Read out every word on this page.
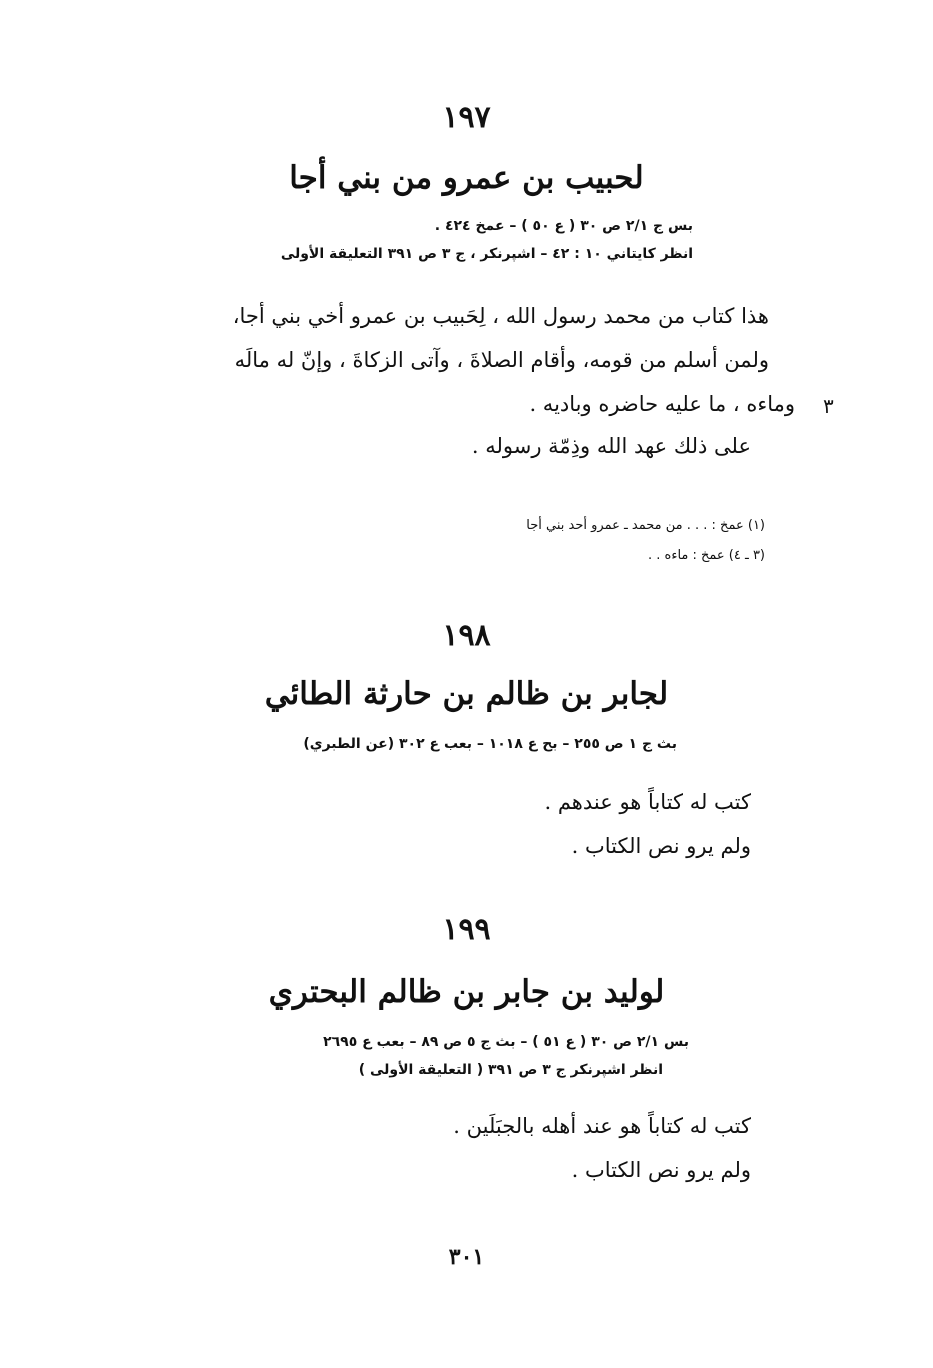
١٩٧
لحبيب بن عمرو من بني أجا
بس ج ٢/١ ص ٣٠ ( ع ٥٠ ) – عمخ ٤٢٤ .
انظر كايتاني ١٠ : ٤٢ – اشپرنكر ، ج ٣ ص ٣٩١ التعليقة الأولى
هذا كتاب من محمد رسول الله ، لِحَبيب بن عمرو أخي بني أجا،
ولمن أسلم من قومه، وأقام الصلاةَ ، وآتى الزكاةَ ، وإنّ له مالَه
وماءه ، ما عليه حاضره وباديه . ٣
على ذلك عهد الله وذِمّة رسوله .
(١) عمخ : . . . من محمد ـ عمرو أحد بني أجا
(٣ ـ ٤) عمخ : ماءه . .
١٩٨
لجابر بن ظالم بن حارثة الطائي
بث ج ١ ص ٢٥٥ – بح ع ١٠١٨ – بعب ع ٣٠٢ (عن الطبري)
كتب له كتاباً هو عندهم .
ولم يرو نص الكتاب .
١٩٩
لوليد بن جابر بن ظالم البحتري
بس ٢/١ ص ٣٠ ( ع ٥١ ) – بث ج ٥ ص ٨٩ – بعب ع ٢٦٩٥
انظر اشپرنكر ج ٣ ص ٣٩١ ( التعليقة الأولى )
كتب له كتاباً هو عند أهله بالجبَلَين .
ولم يرو نص الكتاب .
٣٠١
